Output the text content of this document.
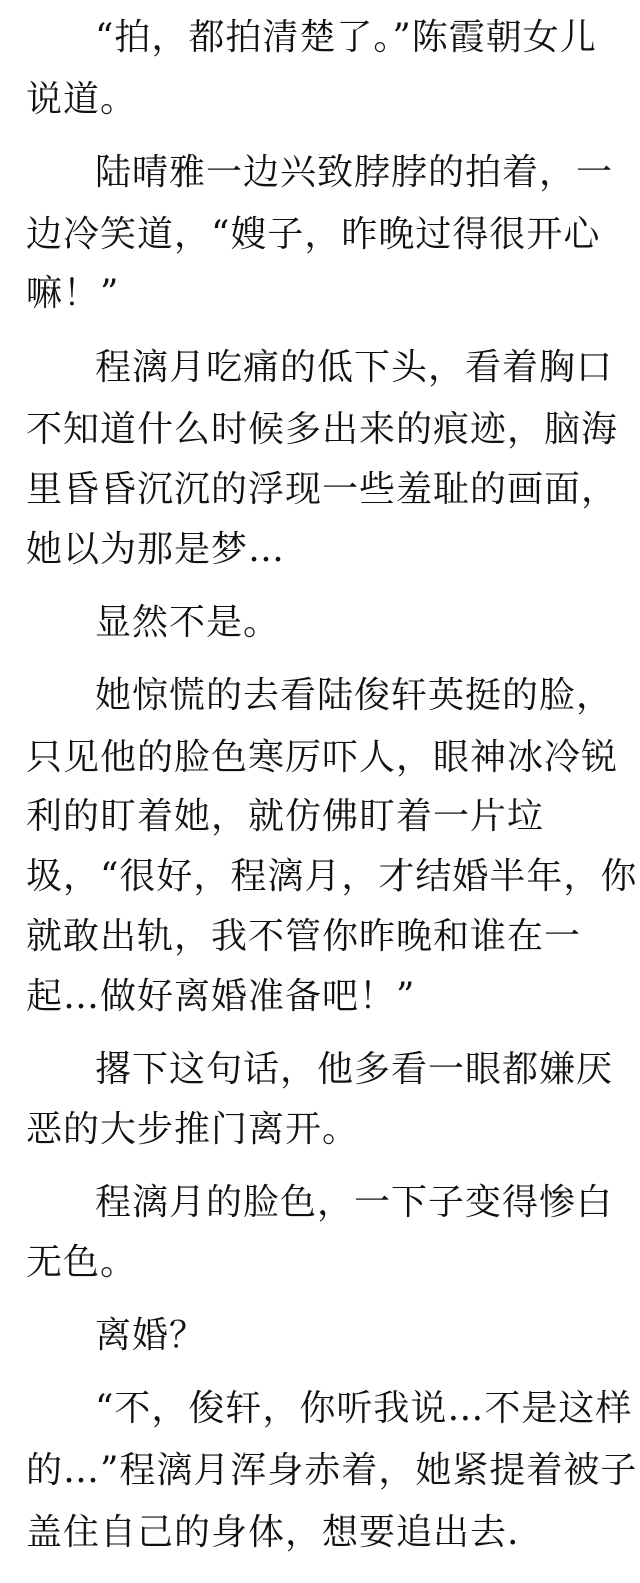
“拍，都拍清楚了。”陈霞朝女儿
说道。
陆晴雅一边兴致脖脖的拍着，一
边冷笑道，“嫂子，昨晚过得很开心
嘛！”
程漓月吃痛的低下头，看着胸口
不知道什么时候多出来的痕迹，脑海
里昏昏沉沉的浮现一些羞耻的画面，
她以为那是梦…
显然不是。
她惊慌的去看陆俊轩英挺的脸，
只见他的脸色寒厉吓人，眼神冰冷锐
利的盯着她，就仿佛盯着一片垃
圾，“很好，程漓月，才结婚半年，你
就敢出轨，我不管你昨晚和谁在一
起…做好离婚准备吧！”
撂下这句话，他多看一眼都嫌厌
恶的大步推门离开。
程漓月的脸色，一下子变得惨白
无色。
离婚？
“不，俊轩，你听我说…不是这样
的…”程漓月浑身赤着，她紧提着被子
盖住自己的身体，想要追出去.
